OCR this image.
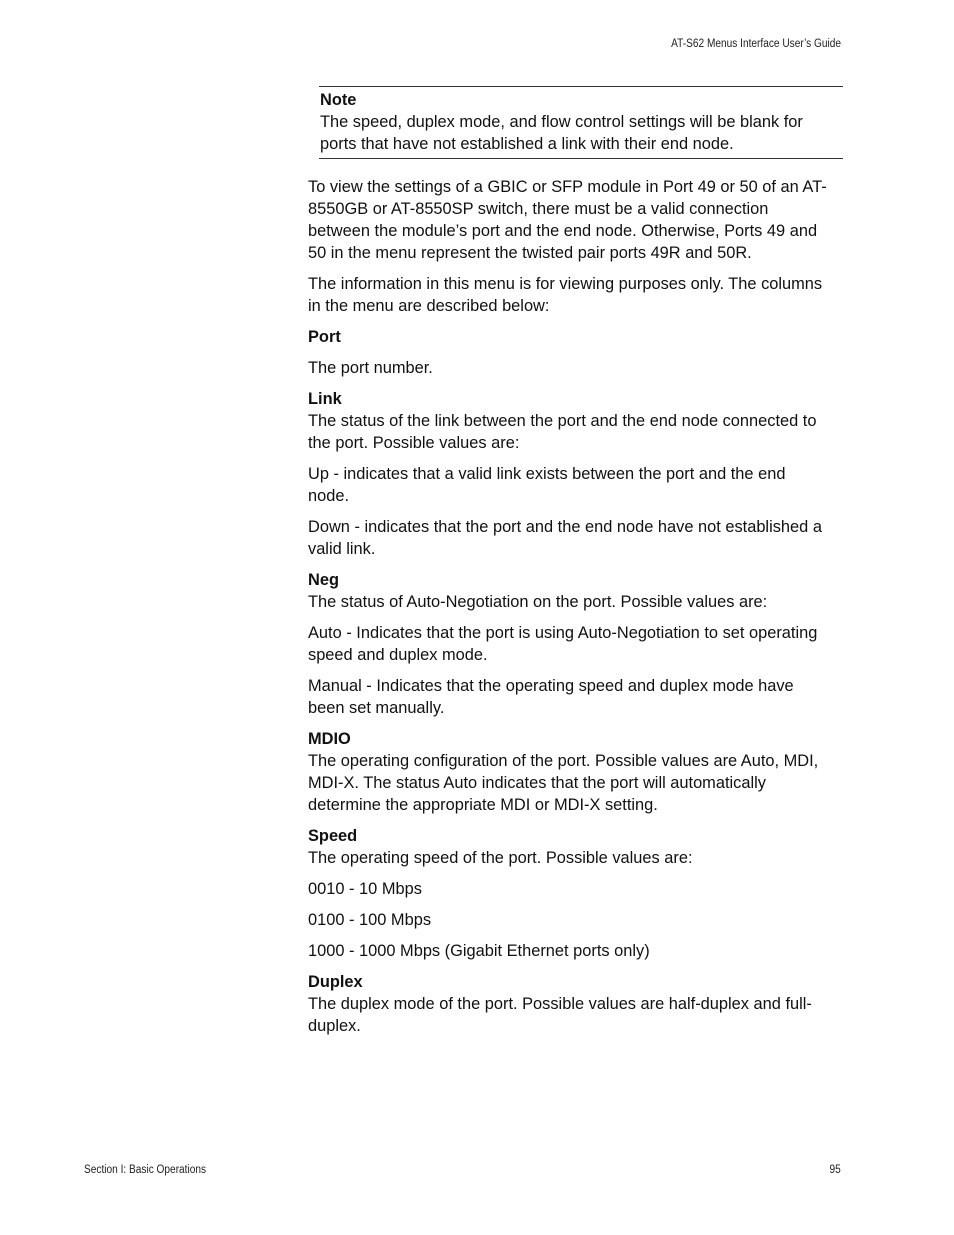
AT-S62 Menus Interface User’s Guide
Note
The speed, duplex mode, and flow control settings will be blank for ports that have not established a link with their end node.

To view the settings of a GBIC or SFP module in Port 49 or 50 of an AT-8550GB or AT-8550SP switch, there must be a valid connection between the module’s port and the end node. Otherwise, Ports 49 and 50 in the menu represent the twisted pair ports 49R and 50R.

The information in this menu is for viewing purposes only. The columns in the menu are described below:

Port

The port number.

Link

The status of the link between the port and the end node connected to the port. Possible values are:

Up - indicates that a valid link exists between the port and the end node.

Down - indicates that the port and the end node have not established a valid link.

Neg

The status of Auto-Negotiation on the port. Possible values are:

Auto - Indicates that the port is using Auto-Negotiation to set operating speed and duplex mode.

Manual - Indicates that the operating speed and duplex mode have been set manually.

MDIO

The operating configuration of the port. Possible values are Auto, MDI, MDI-X. The status Auto indicates that the port will automatically determine the appropriate MDI or MDI-X setting.

Speed

The operating speed of the port. Possible values are:

0010 - 10 Mbps

0100 - 100 Mbps

1000 - 1000 Mbps (Gigabit Ethernet ports only)

Duplex

The duplex mode of the port. Possible values are half-duplex and full-duplex.

Section I: Basic Operations	95
